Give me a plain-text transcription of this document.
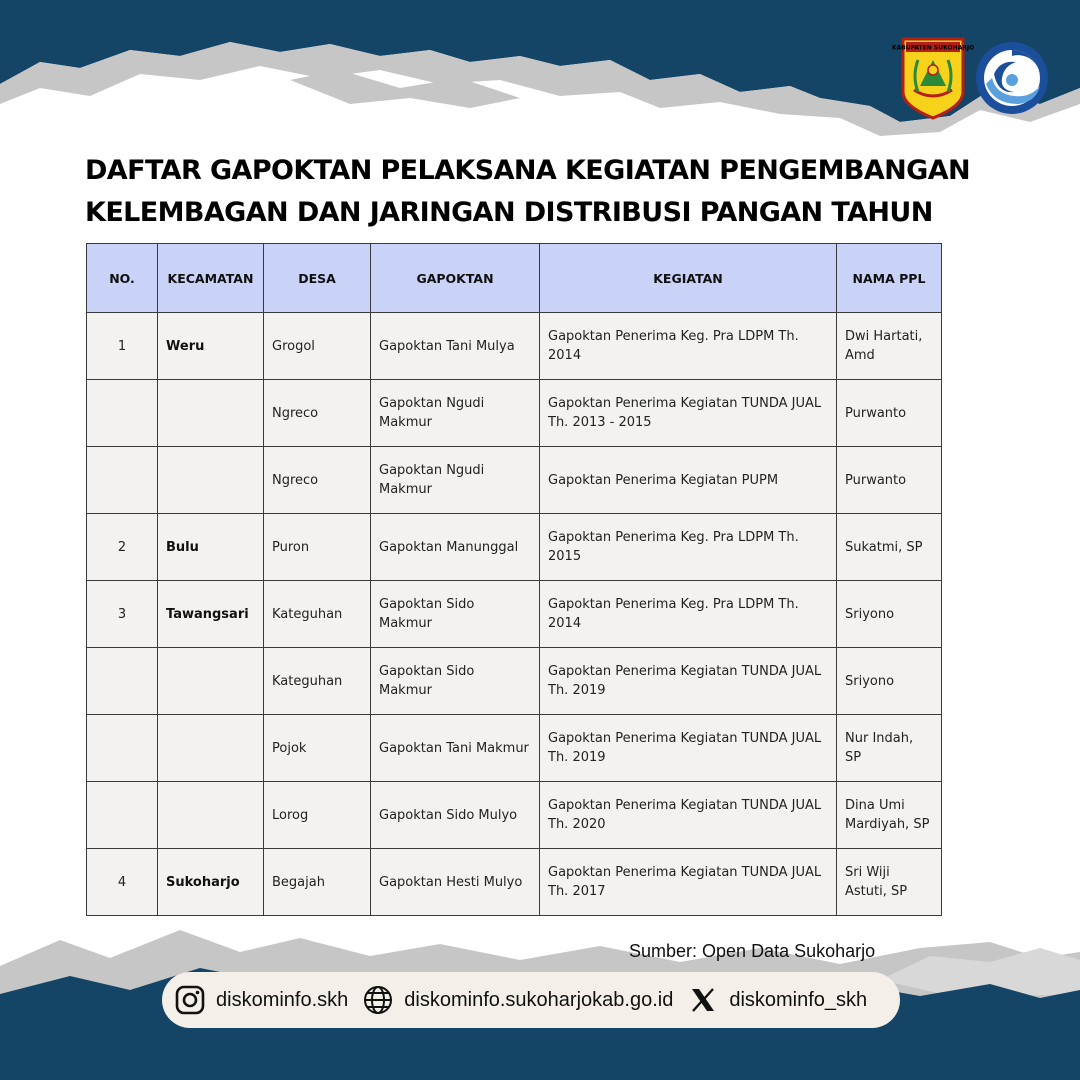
KABUPATEN SUKOHARJO
DAFTAR GAPOKTAN PELAKSANA KEGIATAN PENGEMBANGAN
KELEMBAGAN DAN JARINGAN DISTRIBUSI PANGAN TAHUN
NO.	KECAMATAN	DESA	GAPOKTAN	KEGIATAN	NAMA PPL
1	Weru	Grogol	Gapoktan Tani Mulya	Gapoktan Penerima Keg. Pra LDPM Th. 2014	Dwi Hartati, Amd
		Ngreco	Gapoktan Ngudi Makmur	Gapoktan Penerima Kegiatan TUNDA JUAL Th. 2013 - 2015	Purwanto
		Ngreco	Gapoktan Ngudi Makmur	Gapoktan Penerima Kegiatan PUPM	Purwanto
2	Bulu	Puron	Gapoktan Manunggal	Gapoktan Penerima Keg. Pra LDPM Th. 2015	Sukatmi, SP
3	Tawangsari	Kateguhan	Gapoktan Sido Makmur	Gapoktan Penerima Keg. Pra LDPM Th. 2014	Sriyono
		Kateguhan	Gapoktan Sido Makmur	Gapoktan Penerima Kegiatan TUNDA JUAL Th. 2019	Sriyono
		Pojok	Gapoktan Tani Makmur	Gapoktan Penerima Kegiatan TUNDA JUAL Th. 2019	Nur Indah, SP
		Lorog	Gapoktan Sido Mulyo	Gapoktan Penerima Kegiatan TUNDA JUAL Th. 2020	Dina Umi Mardiyah, SP
4	Sukoharjo	Begajah	Gapoktan Hesti Mulyo	Gapoktan Penerima Kegiatan TUNDA JUAL Th. 2017	Sri Wiji Astuti, SP
Sumber: Open Data Sukoharjo
diskominfo.skh	diskominfo.sukoharjokab.go.id	diskominfo_skh
